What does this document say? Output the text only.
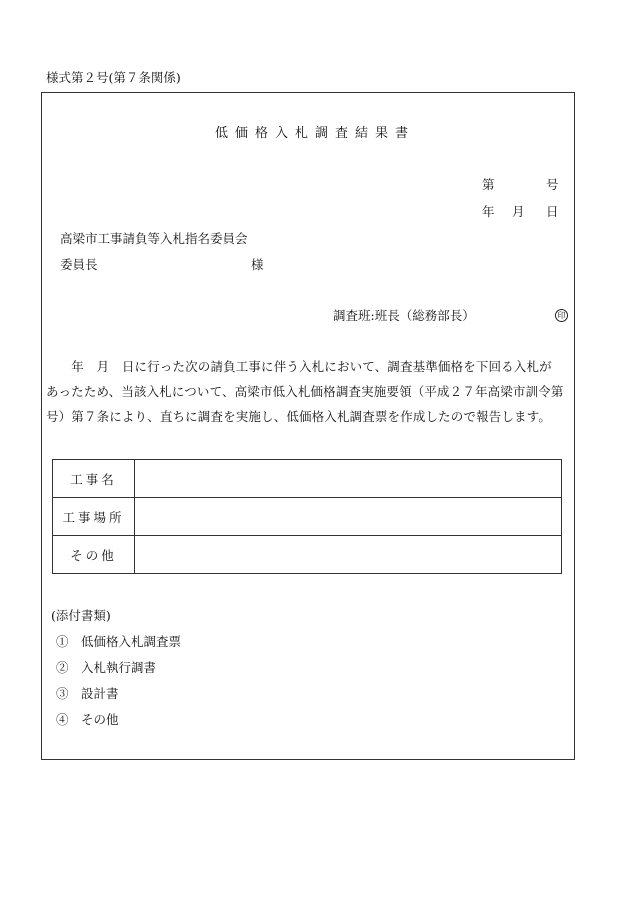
様式第２号(第７条関係)
低価格入札調査結果書
第	号
年 月 日
高梁市工事請負等入札指名委員会
委員長	様
調査班:班長（総務部長）	印
　　年　月　日に行った次の請負工事に伴う入札において、調査基準価格を下回る入札が
あったため、当該入札について、高梁市低入札価格調査実施要領（平成２７年高梁市訓令第
号）第７条により、直ちに調査を実施し、低価格入札調査票を作成したので報告します。
工事名	
工事場所	
その他	
(添付書類)
①　低価格入札調査票
②　入札執行調書
③　設計書
④　その他
